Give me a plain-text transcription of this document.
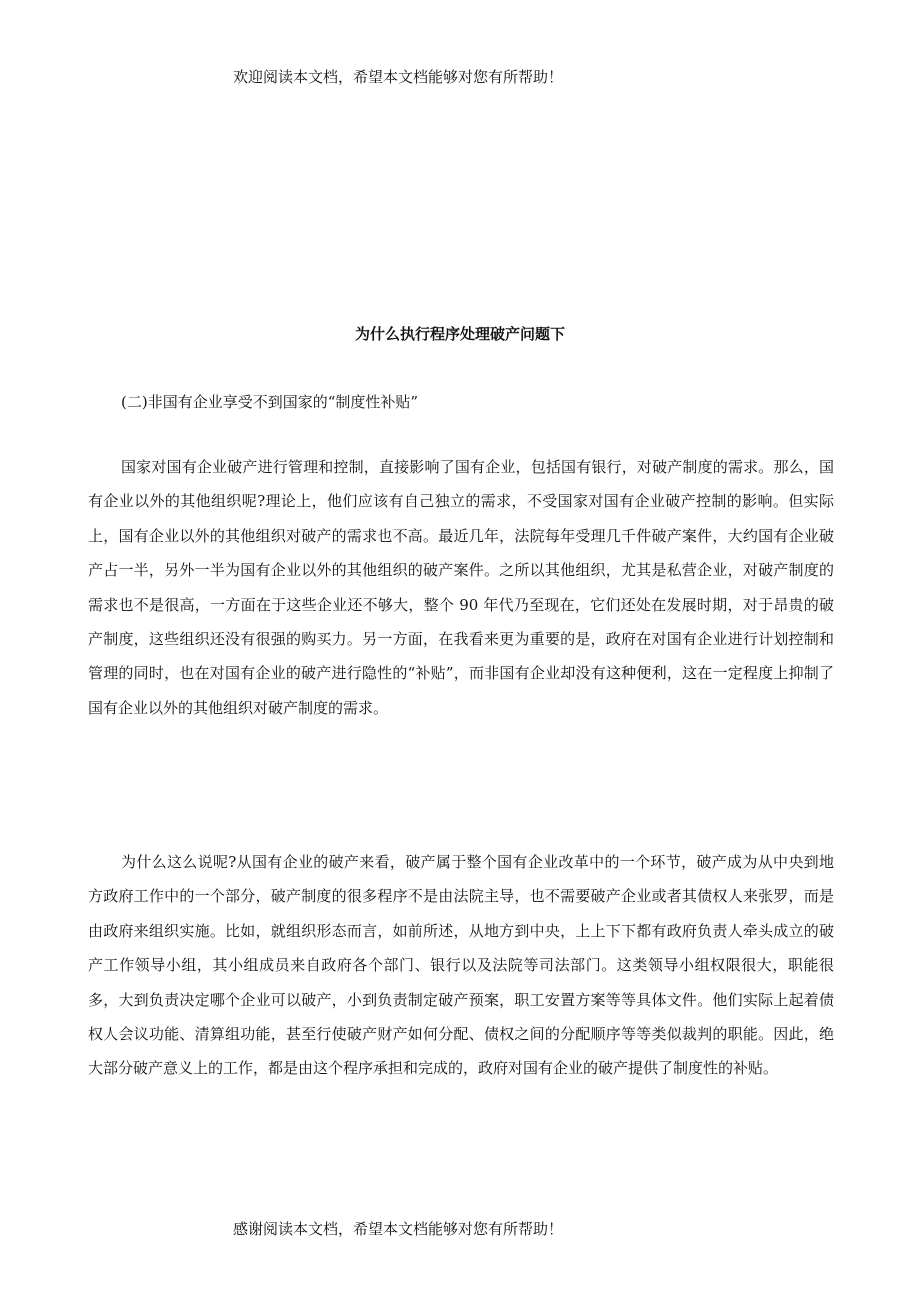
欢迎阅读本文档，希望本文档能够对您有所帮助！
为什么执行程序处理破产问题下
(二)非国有企业享受不到国家的“制度性补贴”

国家对国有企业破产进行管理和控制，直接影响了国有企业，包括国有银行，对破产制度的需求。那么，国有企业以外的其他组织呢?理论上，他们应该有自己独立的需求，不受国家对国有企业破产控制的影响。但实际上，国有企业以外的其他组织对破产的需求也不高。最近几年，法院每年受理几千件破产案件，大约国有企业破产占一半，另外一半为国有企业以外的其他组织的破产案件。之所以其他组织，尤其是私营企业，对破产制度的需求也不是很高，一方面在于这些企业还不够大，整个 90 年代乃至现在，它们还处在发展时期，对于昂贵的破产制度，这些组织还没有很强的购买力。另一方面，在我看来更为重要的是，政府在对国有企业进行计划控制和管理的同时，也在对国有企业的破产进行隐性的“补贴”，而非国有企业却没有这种便利，这在一定程度上抑制了国有企业以外的其他组织对破产制度的需求。

为什么这么说呢?从国有企业的破产来看，破产属于整个国有企业改革中的一个环节，破产成为从中央到地方政府工作中的一个部分，破产制度的很多程序不是由法院主导，也不需要破产企业或者其债权人来张罗，而是由政府来组织实施。比如，就组织形态而言，如前所述，从地方到中央，上上下下都有政府负责人牵头成立的破产工作领导小组，其小组成员来自政府各个部门、银行以及法院等司法部门。这类领导小组权限很大，职能很多，大到负责决定哪个企业可以破产，小到负责制定破产预案，职工安置方案等等具体文件。他们实际上起着债权人会议功能、清算组功能，甚至行使破产财产如何分配、债权之间的分配顺序等等类似裁判的职能。因此，绝大部分破产意义上的工作，都是由这个程序承担和完成的，政府对国有企业的破产提供了制度性的补贴。

感谢阅读本文档，希望本文档能够对您有所帮助！
